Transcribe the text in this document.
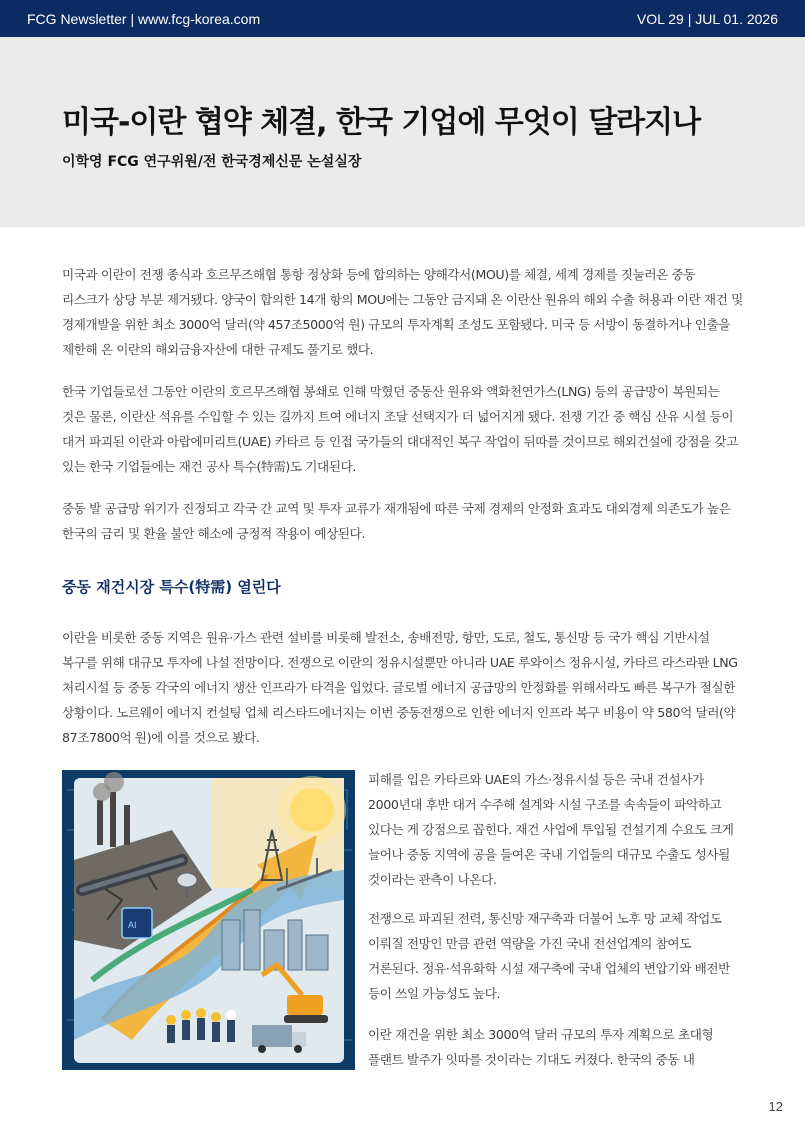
FCG Newsletter | www.fcg-korea.com	VOL 29 | JUL 01. 2026
미국-이란 협약 체결, 한국 기업에 무엇이 달라지나

이학영 FCG 연구위원/전 한국경제신문 논설실장

미국과 이란이 전쟁 종식과 호르무즈해협 통항 정상화 등에 합의하는 양해각서(MOU)를 체결, 세계 경제를 짓눌러온 중동 리스크가 상당 부분 제거됐다. 양국이 합의한 14개 항의 MOU에는 그동안 금지돼 온 이란산 원유의 해외 수출 허용과 이란 재건 및 경제개발을 위한 최소 3000억 달러(약 457조5000억 원) 규모의 투자계획 조성도 포함됐다. 미국 등 서방이 동결하거나 인출을 제한해 온 이란의 해외금융자산에 대한 규제도 풀기로 했다.

한국 기업들로선 그동안 이란의 호르무즈해협 봉쇄로 인해 막혔던 중동산 원유와 액화천연가스(LNG) 등의 공급망이 복원되는 것은 물론, 이란산 석유를 수입할 수 있는 길까지 트여 에너지 조달 선택지가 더 넓어지게 됐다. 전쟁 기간 중 핵심 산유 시설 등이 대거 파괴된 이란과 아랍에미리트(UAE) 카타르 등 인접 국가들의 대대적인 복구 작업이 뒤따를 것이므로 해외건설에 강점을 갖고 있는 한국 기업들에는 재건 공사 특수(特需)도 기대된다.

중동 발 공급망 위기가 진정되고 각국 간 교역 및 투자 교류가 재개됨에 따른 국제 경제의 안정화 효과도 대외경제 의존도가 높은 한국의 금리 및 환율 불안 해소에 긍정적 작용이 예상된다.

중동 재건시장 특수(特需) 열린다

이란을 비롯한 중동 지역은 원유·가스 관련 설비를 비롯해 발전소, 송배전망, 항만, 도로, 철도, 통신망 등 국가 핵심 기반시설 복구를 위해 대규모 투자에 나설 전망이다. 전쟁으로 이란의 정유시설뿐만 아니라 UAE 루와이스 정유시설, 카타르 라스라판 LNG 처리시설 등 중동 각국의 에너지 생산 인프라가 타격을 입었다. 글로벌 에너지 공급망의 안정화를 위해서라도 빠른 복구가 절실한 상황이다. 노르웨이 에너지 컨설팅 업체 리스타드에너지는 이번 중동전쟁으로 인한 에너지 인프라 복구 비용이 약 580억 달러(약 87조7800억 원)에 이를 것으로 봤다.

AI

피해를 입은 카타르와 UAE의 가스·정유시설 등은 국내 건설사가 2000년대 후반 대거 수주해 설계와 시설 구조를 속속들이 파악하고 있다는 게 강점으로 꼽힌다. 재건 사업에 투입될 건설기계 수요도 크게 늘어나 중동 지역에 공을 들여온 국내 기업들의 대규모 수출도 성사될 것이라는 관측이 나온다.

전쟁으로 파괴된 전력, 통신망 재구축과 더불어 노후 망 교체 작업도 이뤄질 전망인 만큼 관련 역량을 가진 국내 전선업계의 참여도 거론된다. 정유·석유화학 시설 재구축에 국내 업체의 변압기와 배전반 등이 쓰일 가능성도 높다.

이란 재건을 위한 최소 3000억 달러 규모의 투자 계획으로 초대형 플랜트 발주가 잇따를 것이라는 기대도 커졌다. 한국의 중동 내

12
